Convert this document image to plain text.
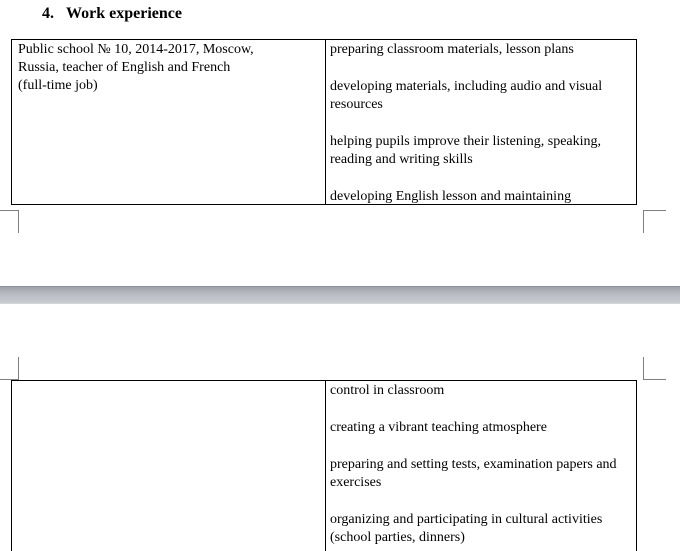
4. Work experience
Public school № 10, 2014-2017, Moscow,
Russia, teacher of English and French
(full-time job)

preparing classroom materials, lesson plans

developing materials, including audio and visual resources

helping pupils improve their listening, speaking, reading and writing skills

developing English lesson and maintaining

control in classroom

creating a vibrant teaching atmosphere

preparing and setting tests, examination papers and exercises

organizing and participating in cultural activities (school parties, dinners)
